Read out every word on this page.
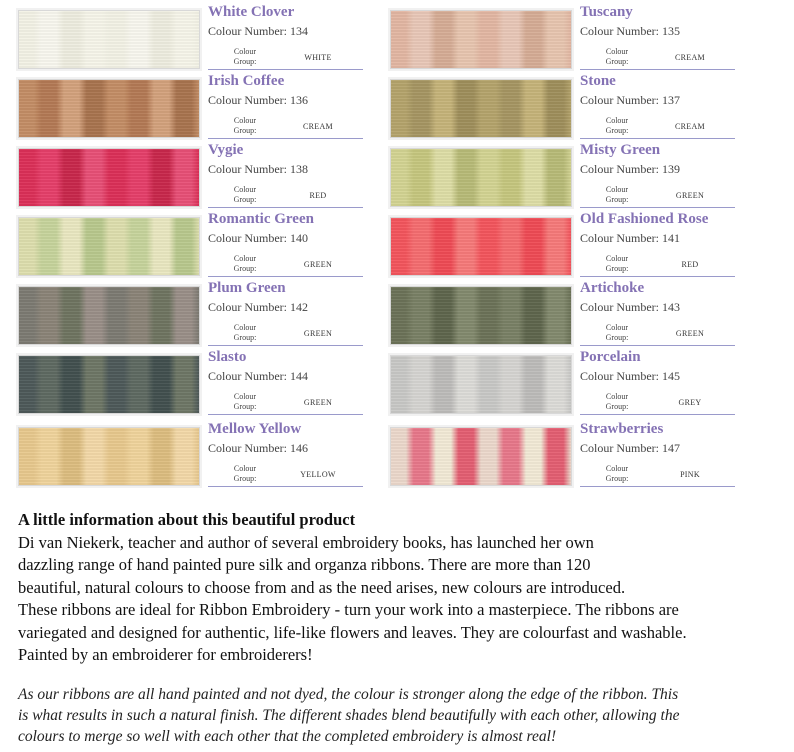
White Clover
Colour Number: 134
Colour Group:	WHITE
Tuscany
Colour Number: 135
Colour Group:	CREAM
Irish Coffee
Colour Number: 136
Colour Group:	CREAM
Stone
Colour Number: 137
Colour Group:	CREAM
Vygie
Colour Number: 138
Colour Group:	RED
Misty Green
Colour Number: 139
Colour Group:	GREEN
Romantic Green
Colour Number: 140
Colour Group:	GREEN
Old Fashioned Rose
Colour Number: 141
Colour Group:	RED
Plum Green
Colour Number: 142
Colour Group:	GREEN
Artichoke
Colour Number: 143
Colour Group:	GREEN
Slasto
Colour Number: 144
Colour Group:	GREEN
Porcelain
Colour Number: 145
Colour Group:	GREY
Mellow Yellow
Colour Number: 146
Colour Group:	YELLOW
Strawberries
Colour Number: 147
Colour Group:	PINK
A little information about this beautiful product

Di van Niekerk, teacher and author of several embroidery books, has launched her own

dazzling range of hand painted pure silk and organza ribbons. There are more than 120

beautiful, natural colours to choose from and as the need arises, new colours are introduced.

These ribbons are ideal for Ribbon Embroidery - turn your work into a masterpiece. The ribbons are

variegated and designed for authentic, life-like flowers and leaves. They are colourfast and washable.

Painted by an embroiderer for embroiderers!

As our ribbons are all hand painted and not dyed, the colour is stronger along the edge of the ribbon. This
is what results in such a natural finish. The different shades blend beautifully with each other, allowing the
colours to merge so well with each other that the completed embroidery is almost real!
